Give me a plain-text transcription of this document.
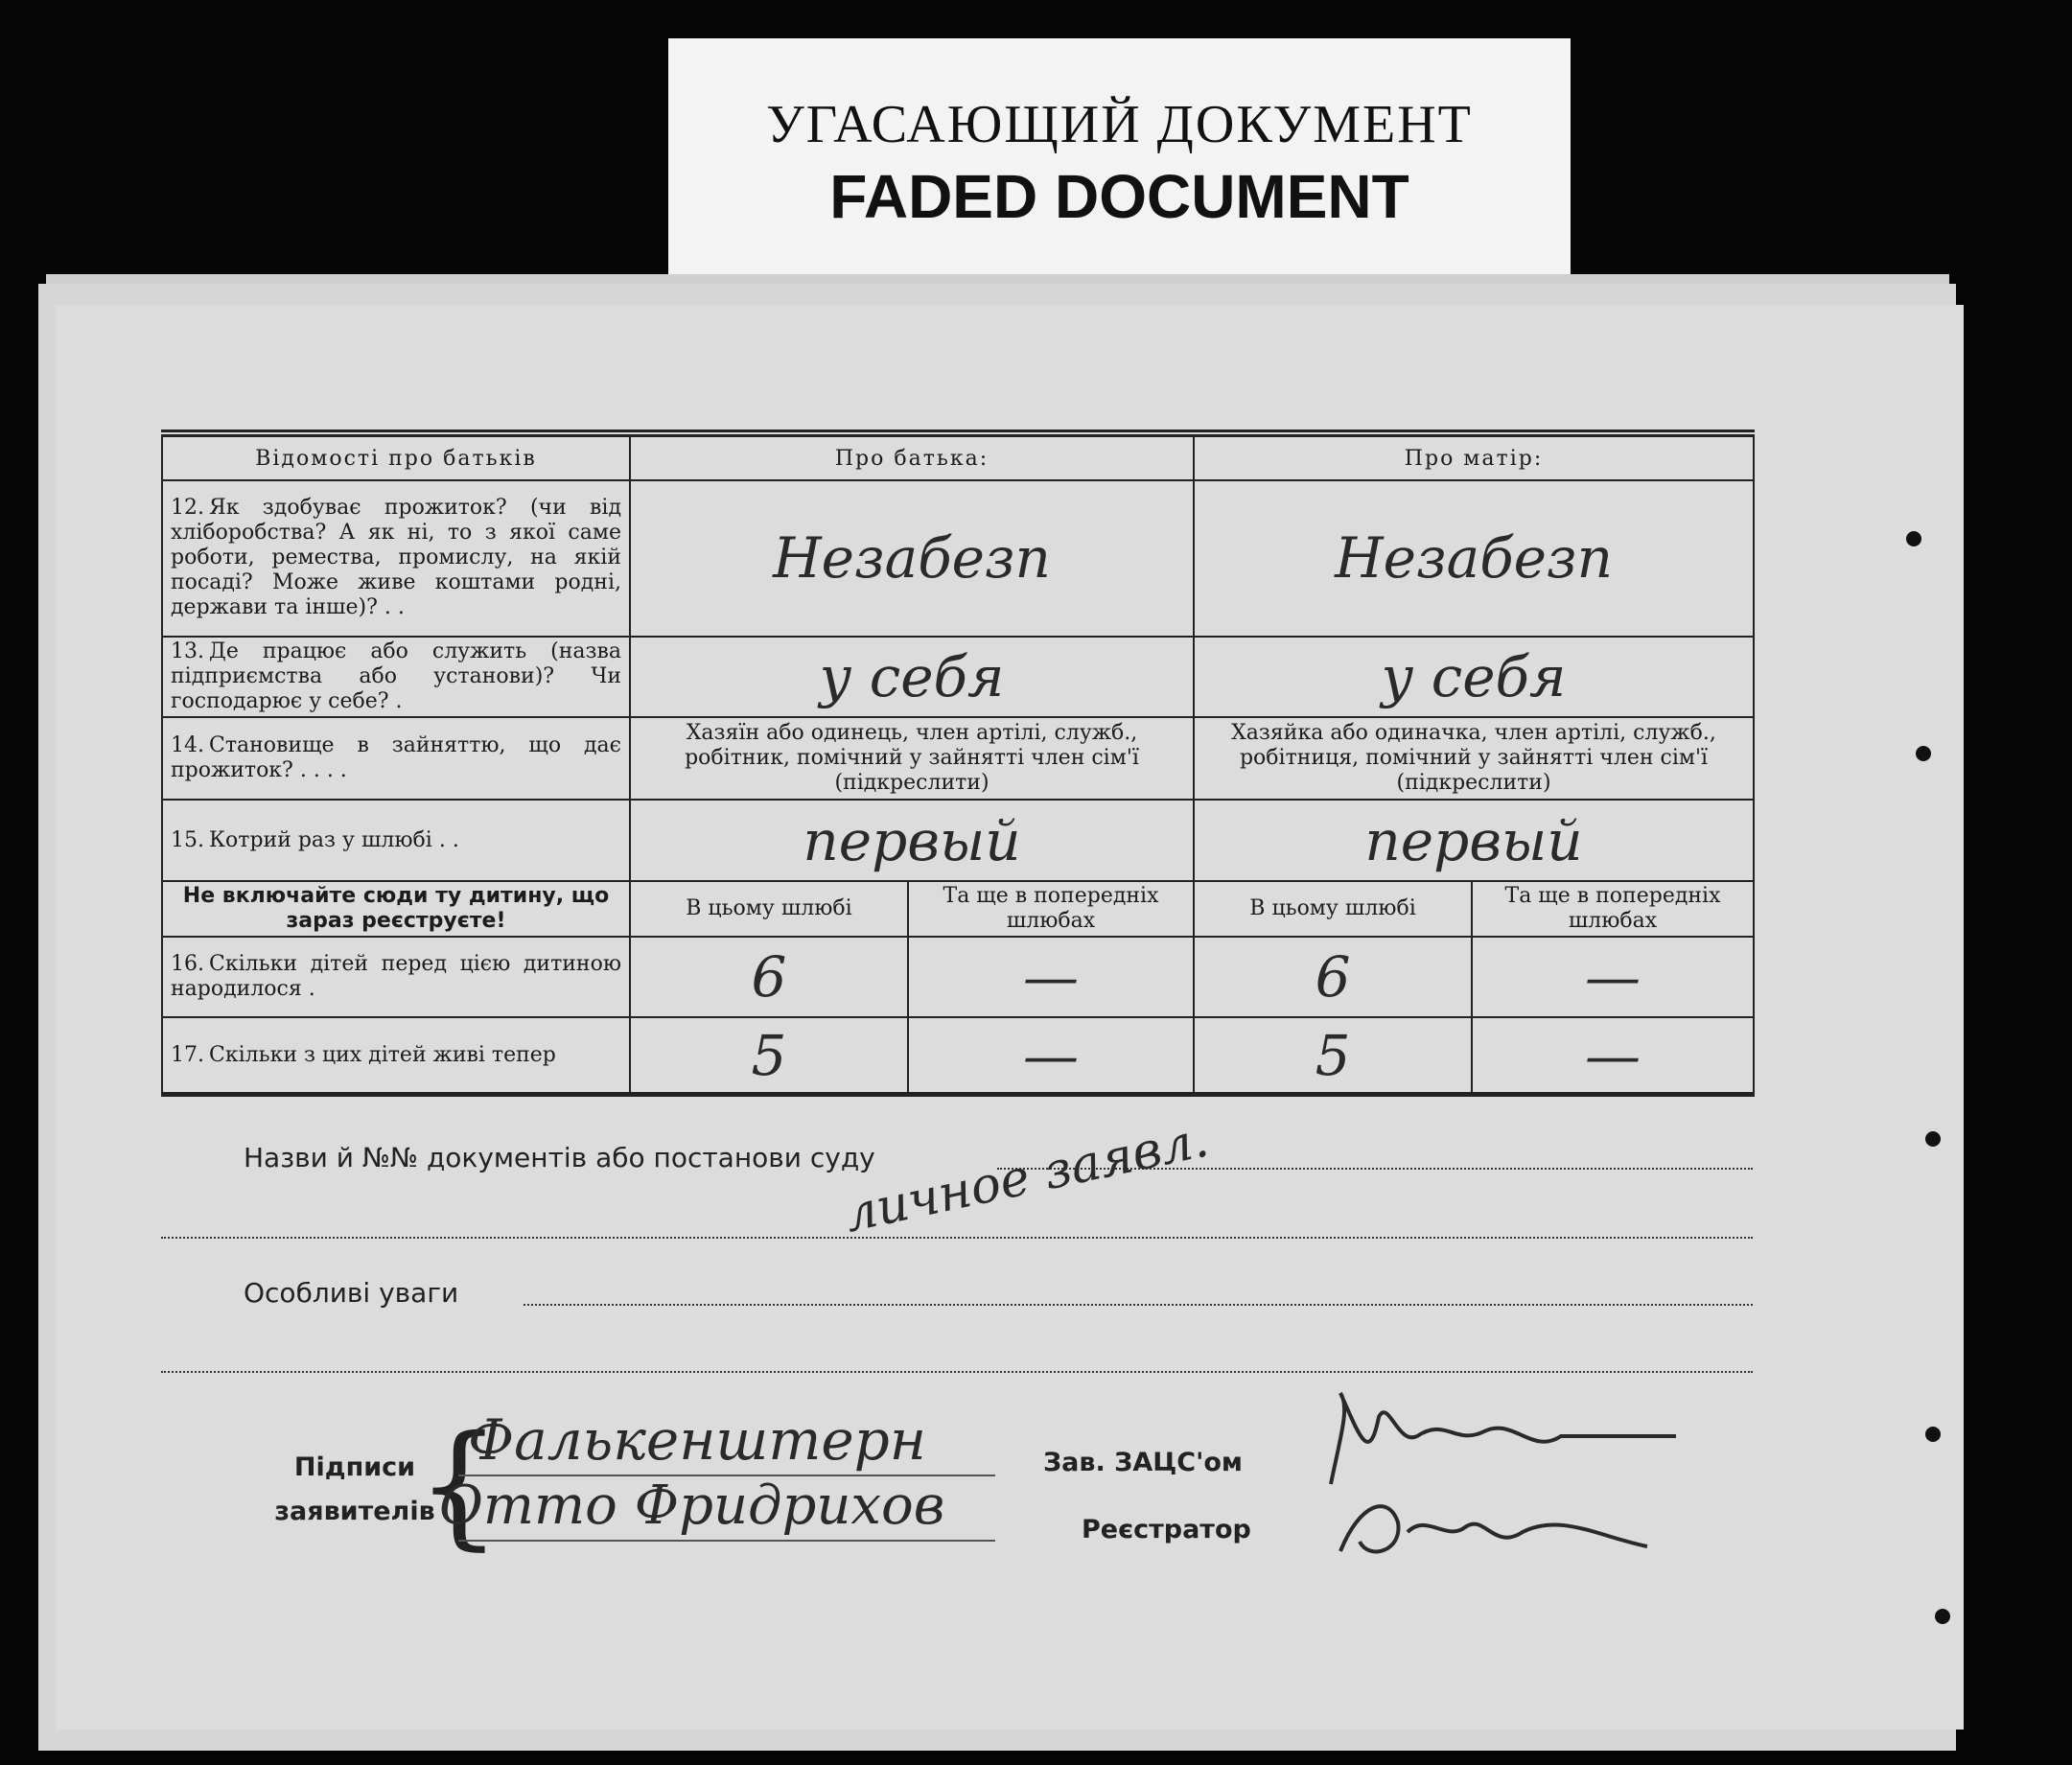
УГАСАЮЩИЙ ДОКУМЕНТ
FADED DOCUMENT
Відомості про батьків	Про батька:		Про матір:	
12. Як здобуває прожиток? (чи від хліборобства? А як ні, то з якої саме роботи, ремества, промислу, на якій посаді? Може живе коштами родні, держави та інше)? . .	Незабезп		Незабезп	
13. Де працює або служить (назва підприємства або установи)? Чи господарює у себе? .	у себя		у себя	
14. Становище в зайняттю, що дає прожиток? . . . .	Хазяїн або одинець, член артілі, служб., робітник, помічний у зайнятті член сім'ї (підкреслити)		Хазяйка або одиначка, член артілі, служб., робітниця, помічний у зайнятті член сім'ї (підкреслити)	
15. Котрий раз у шлюбі . .	первый		первый	
Не включайте сюди ту дитину, що зараз реєструєте!	В цьому шлюбі	Та ще в попередніх шлюбах	В цьому шлюбі	Та ще в попередніх шлюбах
16. Скільки дітей перед цією дитиною народилося .	6	—	6	—
17. Скільки з цих дітей живі тепер	5	—	5	—
Назви й №№ документів або постанови суду
личное заявл.
Особливі уваги
Підписи заявителів
{
Фалькенштерн
Отто Фридрихов
Зав. ЗАЦС'ом
Реєстратор
